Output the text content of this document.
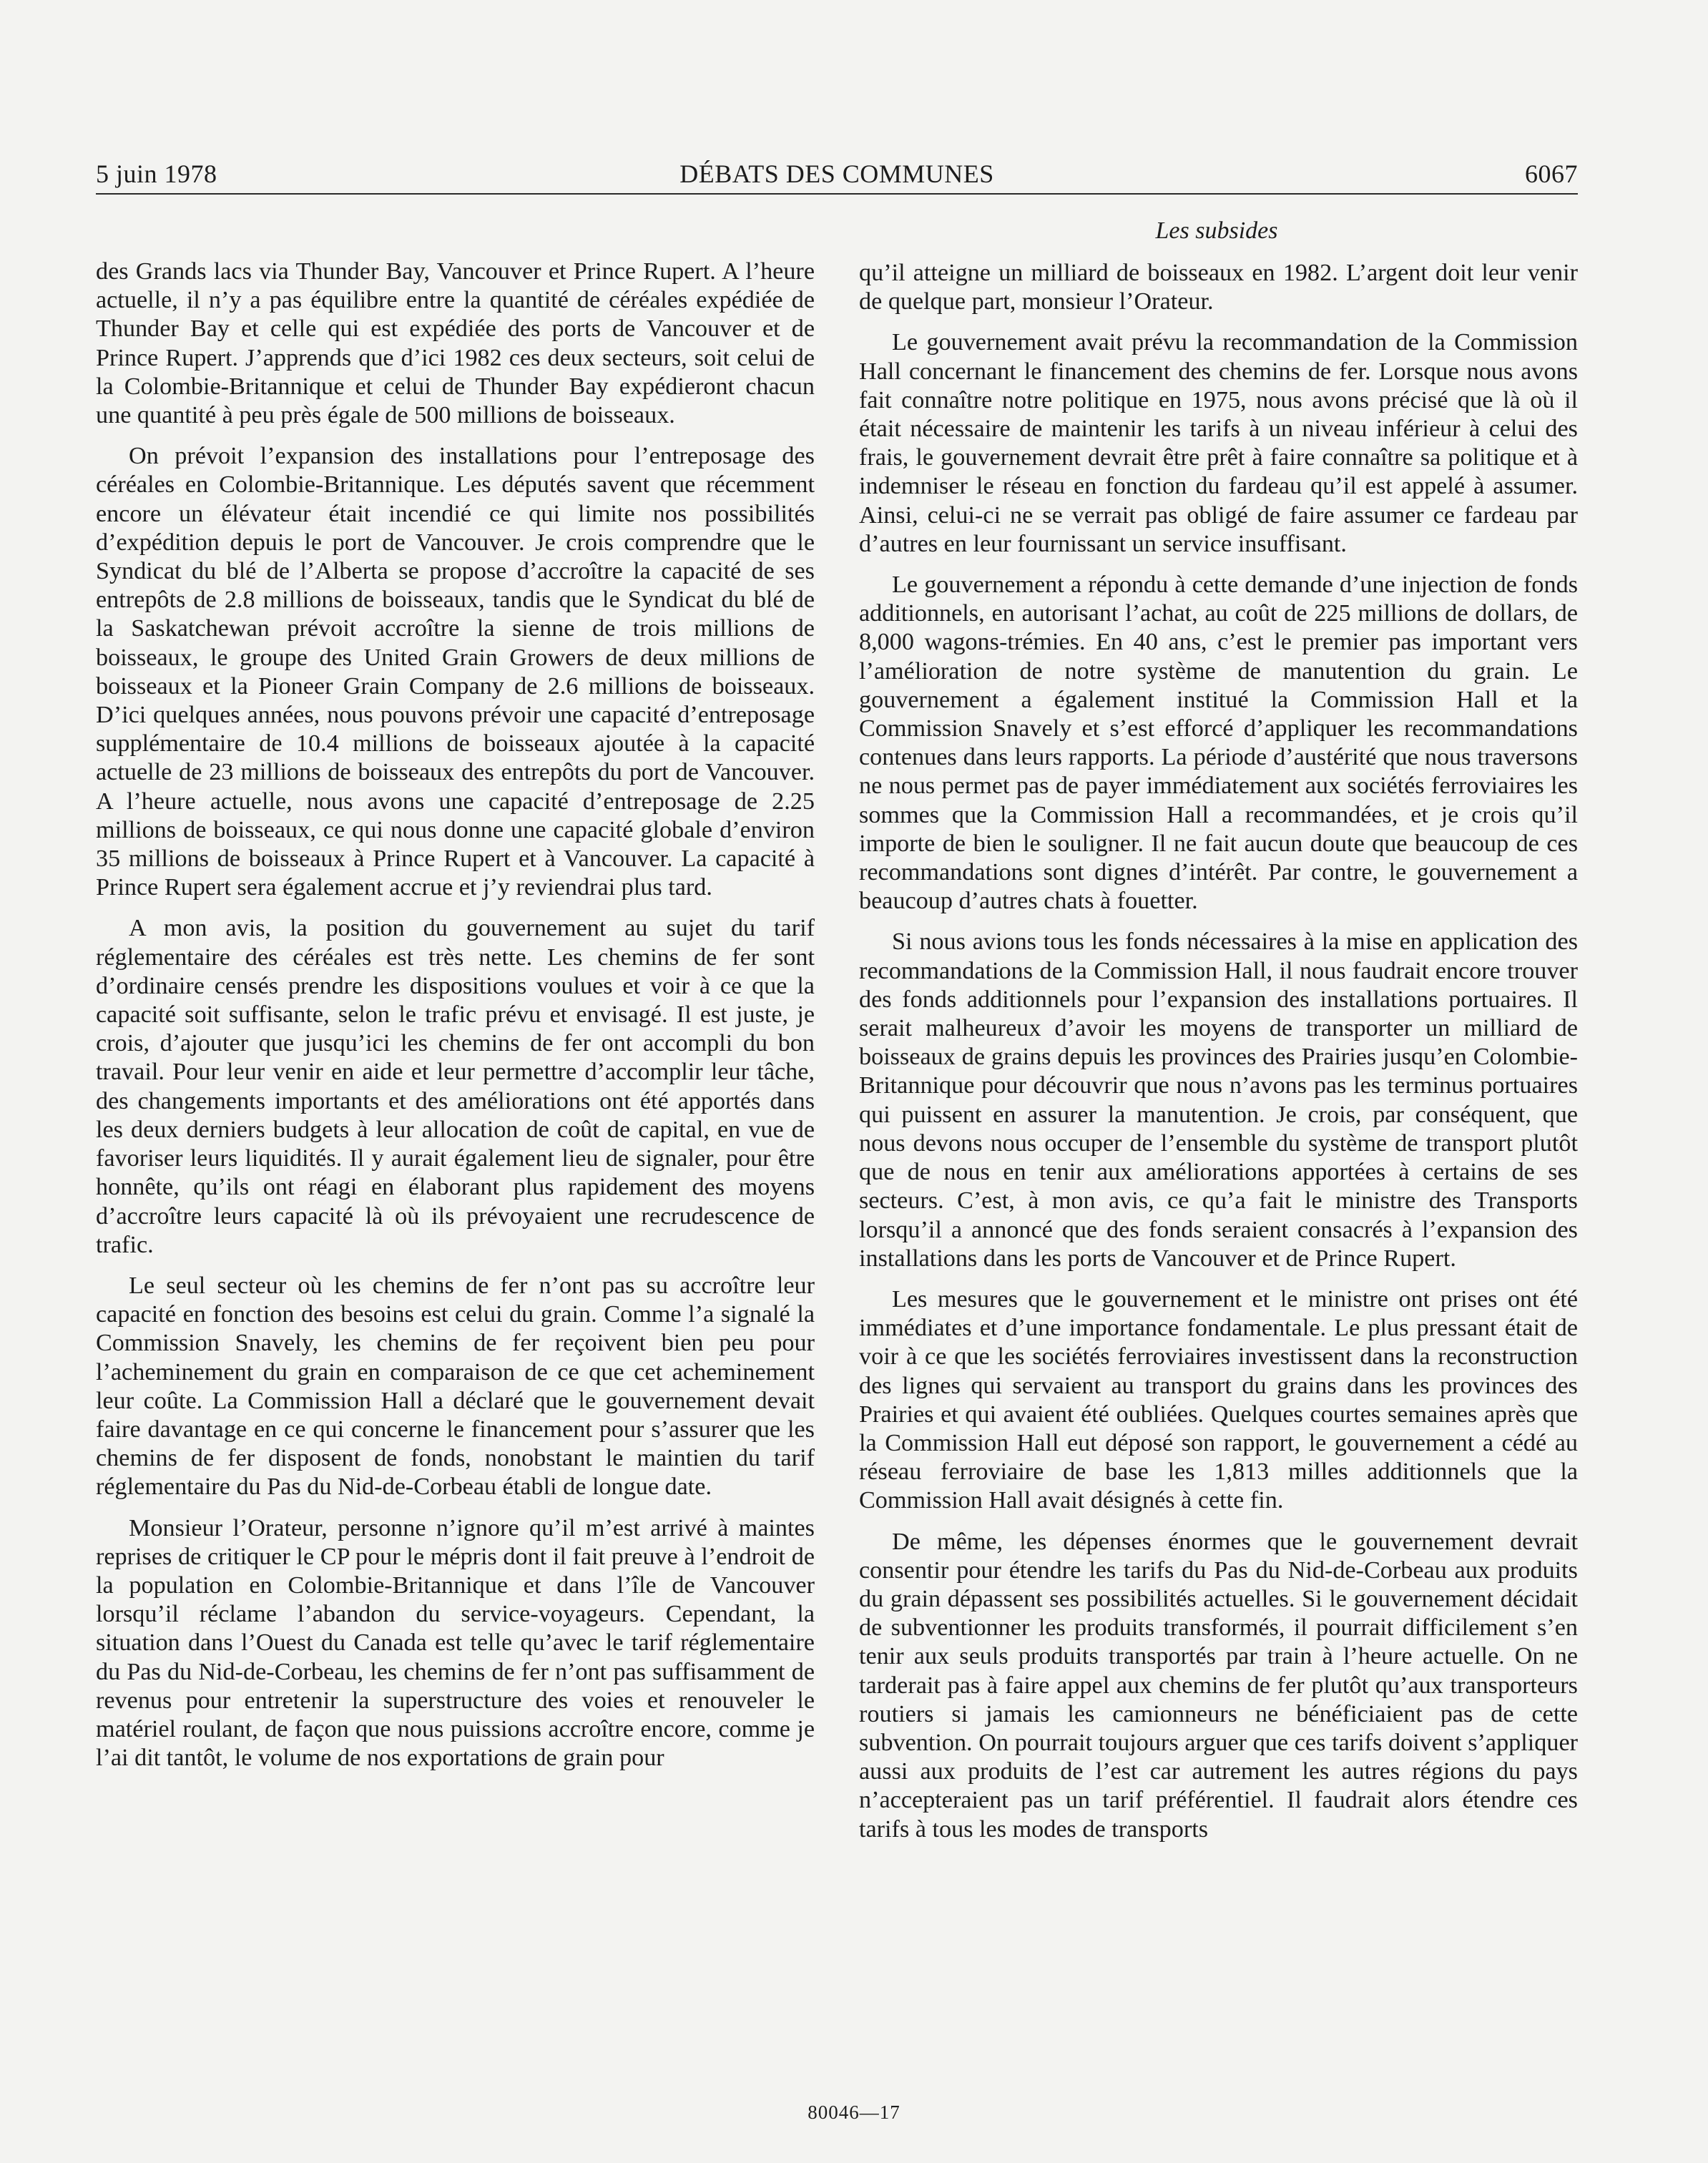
5 juin 1978	DÉBATS DES COMMUNES	6067
Les subsides

des Grands lacs via Thunder Bay, Vancouver et Prince Rupert. A l’heure actuelle, il n’y a pas équilibre entre la quantité de céréales expédiée de Thunder Bay et celle qui est expédiée des ports de Vancouver et de Prince Rupert. J’apprends que d’ici 1982 ces deux secteurs, soit celui de la Colombie-Britannique et celui de Thunder Bay expédieront chacun une quantité à peu près égale de 500 millions de boisseaux.

On prévoit l’expansion des installations pour l’entreposage des céréales en Colombie-Britannique. Les députés savent que récemment encore un élévateur était incendié ce qui limite nos possibilités d’expédition depuis le port de Vancouver. Je crois comprendre que le Syndicat du blé de l’Alberta se propose d’accroître la capacité de ses entrepôts de 2.8 millions de boisseaux, tandis que le Syndicat du blé de la Saskatchewan prévoit accroître la sienne de trois millions de boisseaux, le groupe des United Grain Growers de deux millions de boisseaux et la Pioneer Grain Company de 2.6 millions de boisseaux. D’ici quelques années, nous pouvons prévoir une capacité d’entreposage supplémentaire de 10.4 millions de boisseaux ajoutée à la capacité actuelle de 23 millions de boisseaux des entrepôts du port de Vancouver. A l’heure actuelle, nous avons une capacité d’entreposage de 2.25 millions de boisseaux, ce qui nous donne une capacité globale d’environ 35 millions de boisseaux à Prince Rupert et à Vancouver. La capacité à Prince Rupert sera également accrue et j’y reviendrai plus tard.

A mon avis, la position du gouvernement au sujet du tarif réglementaire des céréales est très nette. Les chemins de fer sont d’ordinaire censés prendre les dispositions voulues et voir à ce que la capacité soit suffisante, selon le trafic prévu et envisagé. Il est juste, je crois, d’ajouter que jusqu’ici les chemins de fer ont accompli du bon travail. Pour leur venir en aide et leur permettre d’accomplir leur tâche, des changements importants et des améliorations ont été apportés dans les deux derniers budgets à leur allocation de coût de capital, en vue de favoriser leurs liquidités. Il y aurait également lieu de signaler, pour être honnête, qu’ils ont réagi en élaborant plus rapidement des moyens d’accroître leurs capacité là où ils prévoyaient une recrudescence de trafic.

Le seul secteur où les chemins de fer n’ont pas su accroître leur capacité en fonction des besoins est celui du grain. Comme l’a signalé la Commission Snavely, les chemins de fer reçoivent bien peu pour l’acheminement du grain en comparaison de ce que cet acheminement leur coûte. La Commission Hall a déclaré que le gouvernement devait faire davantage en ce qui concerne le financement pour s’assurer que les chemins de fer disposent de fonds, nonobstant le maintien du tarif réglementaire du Pas du Nid-de-Corbeau établi de longue date.

Monsieur l’Orateur, personne n’ignore qu’il m’est arrivé à maintes reprises de critiquer le CP pour le mépris dont il fait preuve à l’endroit de la population en Colombie-Britannique et dans l’île de Vancouver lorsqu’il réclame l’abandon du service-voyageurs. Cependant, la situation dans l’Ouest du Canada est telle qu’avec le tarif réglementaire du Pas du Nid-de-Corbeau, les chemins de fer n’ont pas suffisamment de revenus pour entretenir la superstructure des voies et renouveler le matériel roulant, de façon que nous puissions accroître encore, comme je l’ai dit tantôt, le volume de nos exportations de grain pour

qu’il atteigne un milliard de boisseaux en 1982. L’argent doit leur venir de quelque part, monsieur l’Orateur.

Le gouvernement avait prévu la recommandation de la Commission Hall concernant le financement des chemins de fer. Lorsque nous avons fait connaître notre politique en 1975, nous avons précisé que là où il était nécessaire de maintenir les tarifs à un niveau inférieur à celui des frais, le gouvernement devrait être prêt à faire connaître sa politique et à indemniser le réseau en fonction du fardeau qu’il est appelé à assumer. Ainsi, celui-ci ne se verrait pas obligé de faire assumer ce fardeau par d’autres en leur fournissant un service insuffisant.

Le gouvernement a répondu à cette demande d’une injection de fonds additionnels, en autorisant l’achat, au coût de 225 millions de dollars, de 8,000 wagons-trémies. En 40 ans, c’est le premier pas important vers l’amélioration de notre système de manutention du grain. Le gouvernement a également institué la Commission Hall et la Commission Snavely et s’est efforcé d’appliquer les recommandations contenues dans leurs rapports. La période d’austérité que nous traversons ne nous permet pas de payer immédiatement aux sociétés ferroviaires les sommes que la Commission Hall a recommandées, et je crois qu’il importe de bien le souligner. Il ne fait aucun doute que beaucoup de ces recommandations sont dignes d’intérêt. Par contre, le gouvernement a beaucoup d’autres chats à fouetter.

Si nous avions tous les fonds nécessaires à la mise en application des recommandations de la Commission Hall, il nous faudrait encore trouver des fonds additionnels pour l’expansion des installations portuaires. Il serait malheureux d’avoir les moyens de transporter un milliard de boisseaux de grains depuis les provinces des Prairies jusqu’en Colombie-Britannique pour découvrir que nous n’avons pas les terminus portuaires qui puissent en assurer la manutention. Je crois, par conséquent, que nous devons nous occuper de l’ensemble du système de transport plutôt que de nous en tenir aux améliorations apportées à certains de ses secteurs. C’est, à mon avis, ce qu’a fait le ministre des Transports lorsqu’il a annoncé que des fonds seraient consacrés à l’expansion des installations dans les ports de Vancouver et de Prince Rupert.

Les mesures que le gouvernement et le ministre ont prises ont été immédiates et d’une importance fondamentale. Le plus pressant était de voir à ce que les sociétés ferroviaires investissent dans la reconstruction des lignes qui servaient au transport du grains dans les provinces des Prairies et qui avaient été oubliées. Quelques courtes semaines après que la Commission Hall eut déposé son rapport, le gouvernement a cédé au réseau ferroviaire de base les 1,813 milles additionnels que la Commission Hall avait désignés à cette fin.

De même, les dépenses énormes que le gouvernement devrait consentir pour étendre les tarifs du Pas du Nid-de-Corbeau aux produits du grain dépassent ses possibilités actuelles. Si le gouvernement décidait de subventionner les produits transformés, il pourrait difficilement s’en tenir aux seuls produits transportés par train à l’heure actuelle. On ne tarderait pas à faire appel aux chemins de fer plutôt qu’aux transporteurs routiers si jamais les camionneurs ne bénéficiaient pas de cette subvention. On pourrait toujours arguer que ces tarifs doivent s’appliquer aussi aux produits de l’est car autrement les autres régions du pays n’accepteraient pas un tarif préférentiel. Il faudrait alors étendre ces tarifs à tous les modes de transports

80046—17
